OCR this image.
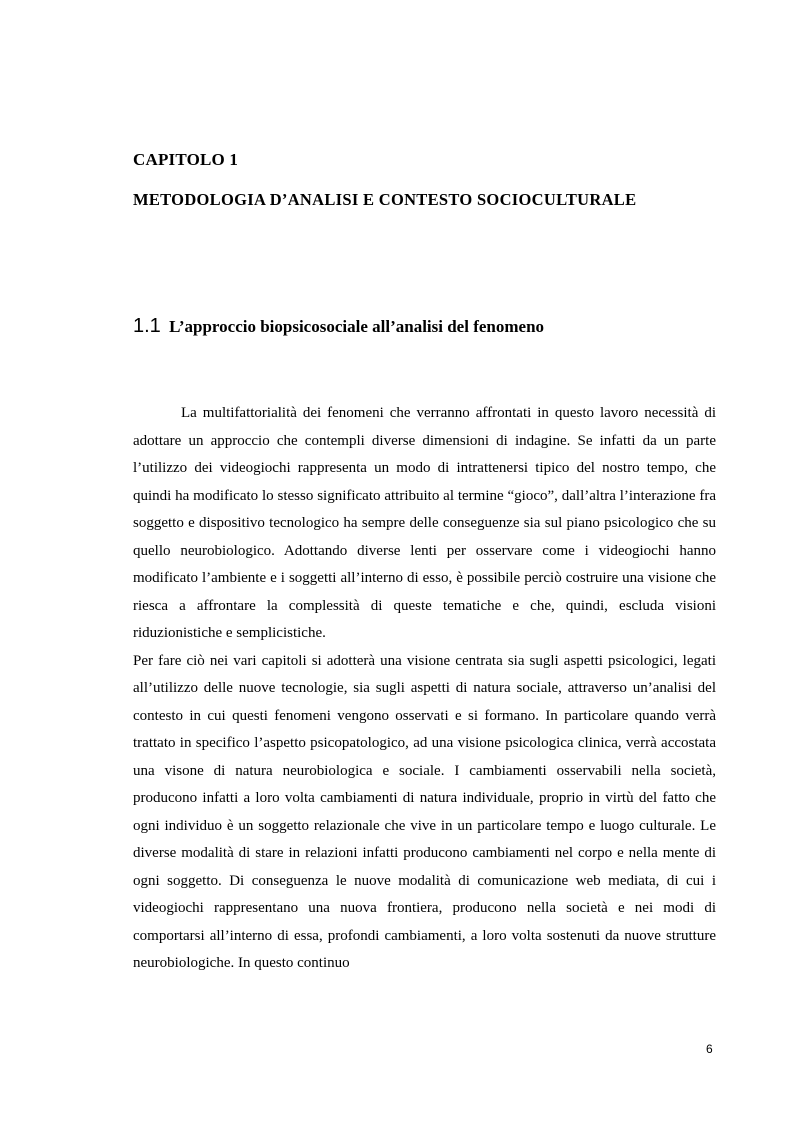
CAPITOLO 1
METODOLOGIA D’ANALISI E CONTESTO SOCIOCULTURALE
1.1 L’approccio biopsicosociale all’analisi del fenomeno

La multifattorialità dei fenomeni che verranno affrontati in questo lavoro necessità di adottare un approccio che contempli diverse dimensioni di indagine. Se infatti da un parte l’utilizzo dei videogiochi rappresenta un modo di intrattenersi tipico del nostro tempo, che quindi ha modificato lo stesso significato attribuito al termine “gioco”, dall’altra l’interazione fra soggetto e dispositivo tecnologico ha sempre delle conseguenze sia sul piano psicologico che su quello neurobiologico. Adottando diverse lenti per osservare come i videogiochi hanno modificato l’ambiente e i soggetti all’interno di esso, è possibile perciò costruire una visione che riesca a affrontare la complessità di queste tematiche e che, quindi, escluda visioni riduzionistiche e semplicistiche.

Per fare ciò nei vari capitoli si adotterà una visione centrata sia sugli aspetti psicologici, legati all’utilizzo delle nuove tecnologie, sia sugli aspetti di natura sociale, attraverso un’analisi del contesto in cui questi fenomeni vengono osservati e si formano. In particolare quando verrà trattato in specifico l’aspetto psicopatologico, ad una visione psicologica clinica, verrà accostata una visone di natura neurobiologica e sociale. I cambiamenti osservabili nella società, producono infatti a loro volta cambiamenti di natura individuale, proprio in virtù del fatto che ogni individuo è un soggetto relazionale che vive in un particolare tempo e luogo culturale. Le diverse modalità di stare in relazioni infatti producono cambiamenti nel corpo e nella mente di ogni soggetto. Di conseguenza le nuove modalità di comunicazione web mediata, di cui i videogiochi rappresentano una nuova frontiera, producono nella società e nei modi di comportarsi all’interno di essa, profondi cambiamenti, a loro volta sostenuti da nuove strutture neurobiologiche. In questo continuo

6
